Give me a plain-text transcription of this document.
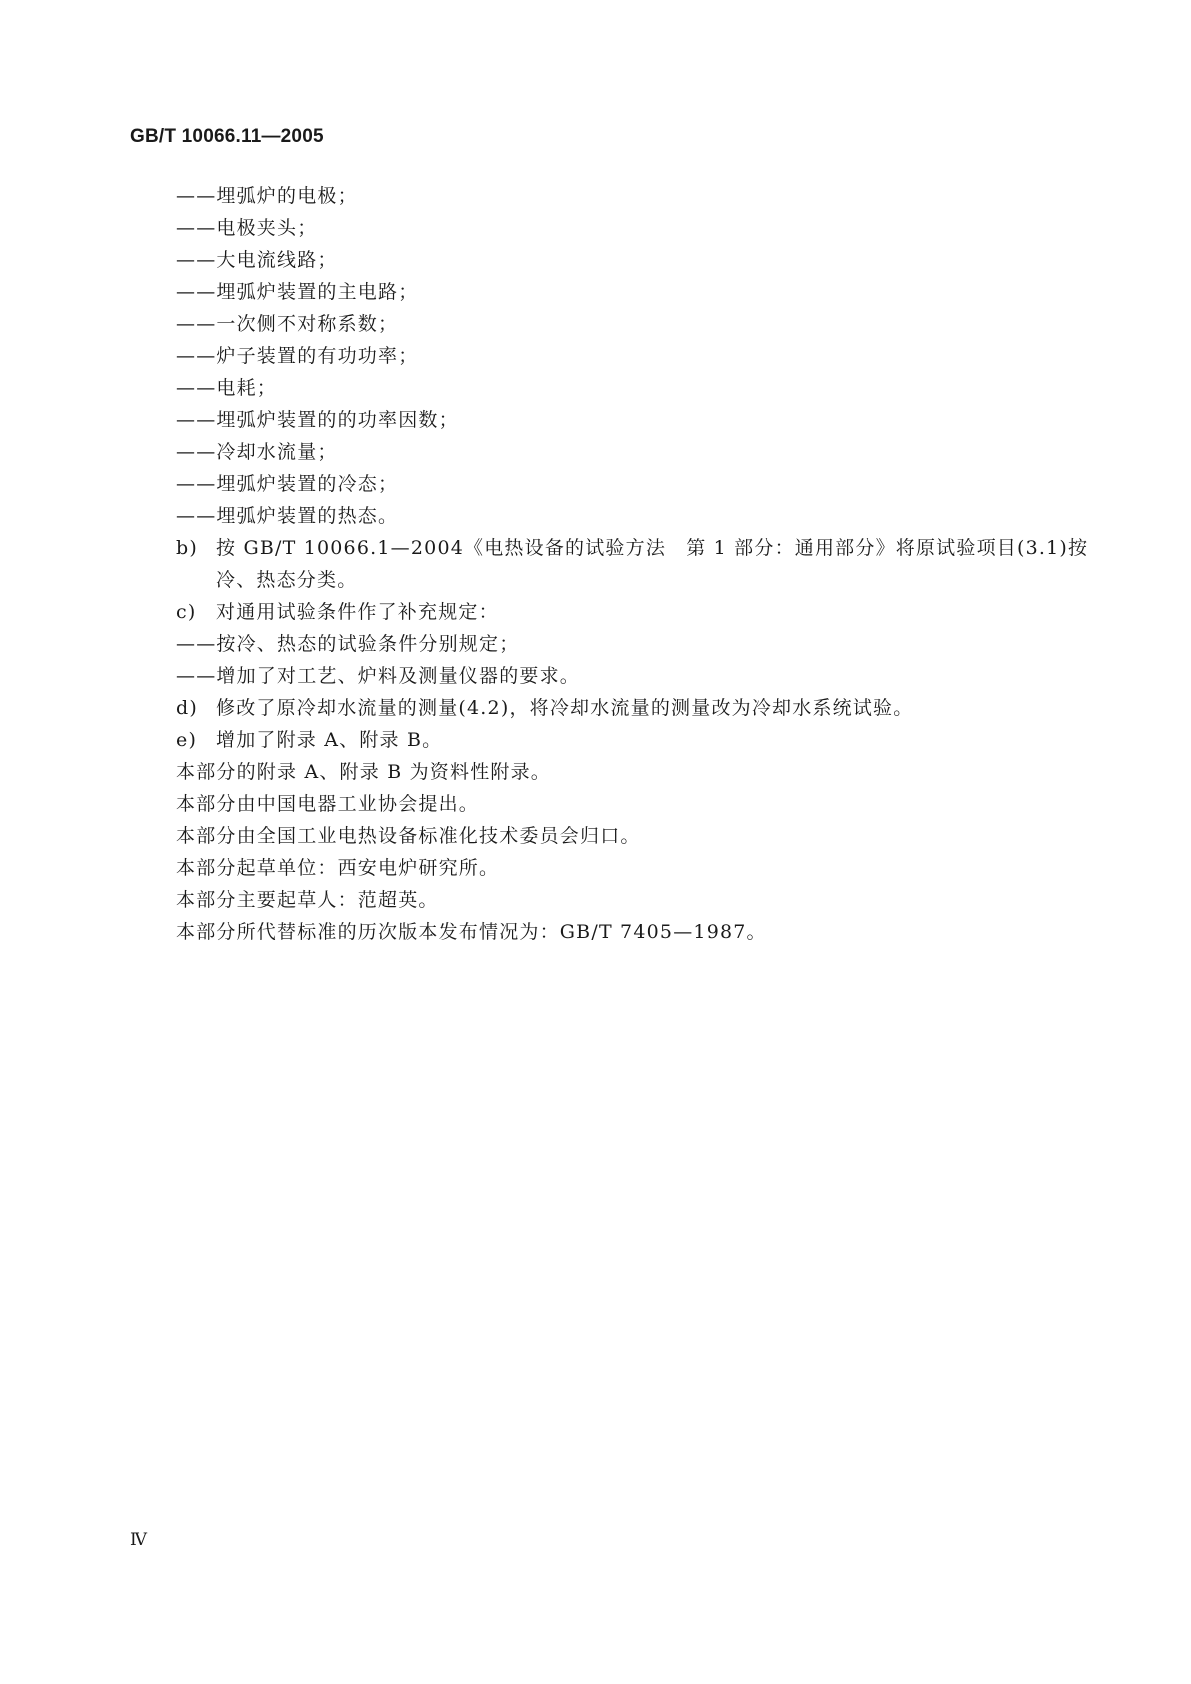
GB/T 10066.11—2005
——埋弧炉的电极；
——电极夹头；
——大电流线路；
——埋弧炉装置的主电路；
——一次侧不对称系数；
——炉子装置的有功功率；
——电耗；
——埋弧炉装置的的功率因数；
——冷却水流量；
——埋弧炉装置的冷态；
——埋弧炉装置的热态。
b) 按 GB/T 10066.1—2004《电热设备的试验方法　第 1 部分：通用部分》将原试验项目(3.1)按
冷、热态分类。
c) 对通用试验条件作了补充规定：
——按冷、热态的试验条件分别规定；
——增加了对工艺、炉料及测量仪器的要求。
d) 修改了原冷却水流量的测量(4.2)，将冷却水流量的测量改为冷却水系统试验。
e) 增加了附录 A、附录 B。
本部分的附录 A、附录 B 为资料性附录。
本部分由中国电器工业协会提出。
本部分由全国工业电热设备标准化技术委员会归口。
本部分起草单位：西安电炉研究所。
本部分主要起草人：范超英。
本部分所代替标准的历次版本发布情况为：GB/T 7405—1987。
Ⅳ
